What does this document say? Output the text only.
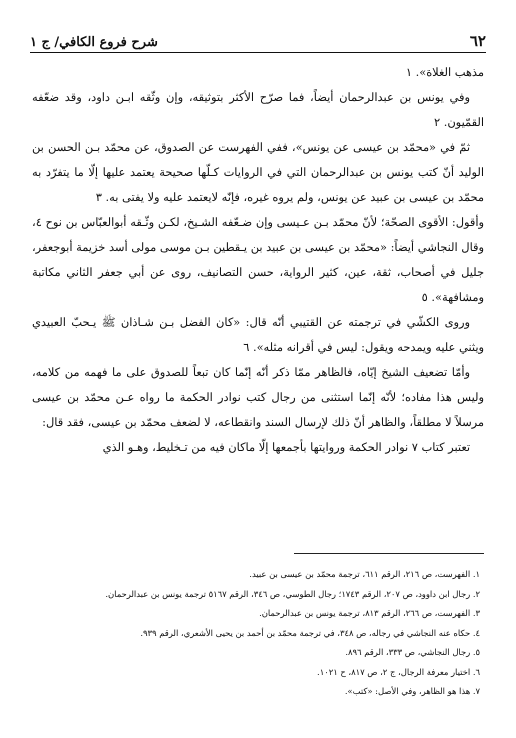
٦٢
شرح فروع الكافي/ ج ١

مذهب الغلاة». ١

وفي يونس بن عبدالرحمان أيضاً، فما صرّح الأكثر بتوثيقه، وإن وثّقه ابـن داود، وقد ضعّفه القمّيون. ٢

ثمّ في «محمّد بن عيسى عن يونس»، ففي الفهرست عن الصدوق، عن محمّد بـن الحسن بن الوليد أنّ كتب يونس بن عبدالرحمان التي في الروايات كـلّها صحيحة يعتمد عليها إلّا ما يتفرّد به محمّد بن عيسى بن عبيد عن يونس، ولم يروه غيره، فإنّه لايعتمد عليه ولا يفتى به. ٣

وأقول: الأقوى الصحّة؛ لأنّ محمّد بـن عـيسى وإن ضـعّفه الشـيخ، لكـن وثّـقه أبوالعبّاس بن نوح ٤، وقال النجاشي أيضاً: «محمّد بن عيسى بن عبيد بن يـقطين بـن موسى مولى أسد خزيمة أبوجعفر، جليل في أصحاب، ثقة، عين، كثير الرواية، حسن التصانيف، روى عن أبي جعفر الثاني مكاتبة ومشافهة». ٥

وروى الكشّي في ترجمته عن القتيبي أنّه قال: «كان الفضل بـن شـاذان ﷺ يـحبّ العبيدي ويثني عليه ويمدحه ويقول: ليس في أقرانه مثله». ٦

وأمّا تضعيف الشيخ إيّاه، فالظاهر ممّا ذكر أنّه إنّما كان تبعاً للصدوق على ما فهمه من كلامه، وليس هذا مفاده؛ لأنّه إنّما استثنى من رجال كتب نوادر الحكمة ما رواه عـن محمّد بن عيسى مرسلاً لا مطلقاً، والظاهر أنّ ذلك لإرسال السند وانقطاعه، لا لضعف محمّد بن عيسى، فقد قال:

تعتبر كتاب ٧ نوادر الحكمة وروايتها بأجمعها إلّا ماكان فيه من تـخليط، وهـو الذي

١. الفهرست، ص ٢١٦، الرقم ٦١١، ترجمة محمّد بن عيسى بن عبيد.
٢. رجال ابن داوود، ص ٢٠٧، الرقم ١٧٤٣؛ رجال الطوسي، ص ٣٤٦، الرقم ٥١٦٧ ترجمة يونس بن عبدالرحمان.
٣. الفهرست، ص ٢٦٦، الرقم ٨١٣، ترجمة يونس بن عبدالرحمان.
٤. حكاه عنه النجاشي في رجاله، ص ٣٤٨، في ترجمة محمّد بن أحمد بن يحيى الأشعري، الرقم ٩٣٩.
٥. رجال النجاشي، ص ٣٣٣، الرقم ٨٩٦.
٦. اختيار معرفة الرجال، ج ٢، ص ٨١٧، ح ١٠٢١.
٧. هذا هو الظاهر، وفي الأصل: «كتب».
